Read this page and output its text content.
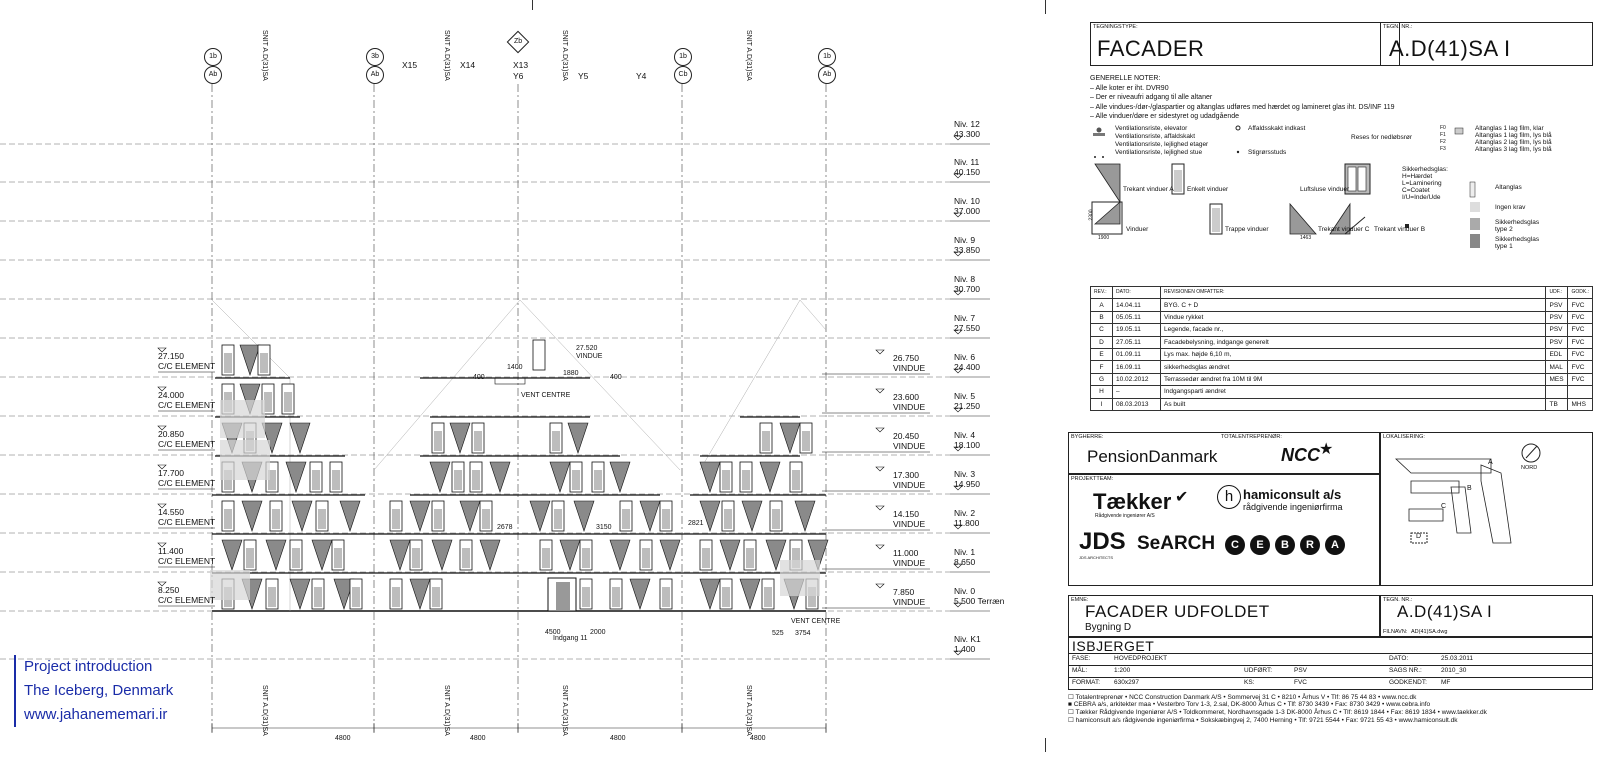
1b
Ab
3b
Ab
Zb
1b
Cb
1b
Ab
X15	X14	X13
Y6	Y5	Y4
SNIT A.D(31)SA	SNIT A.D(31)SA	SNIT A.D(31)SA	SNIT A.D(31)SA
SNIT A.D(31)SA	SNIT A.D(31)SA	SNIT A.D(31)SA	SNIT A.D(31)SA
Niv. 12
43.300
Niv. 11
40.150
Niv. 10
37.000
Niv. 9
33.850
Niv. 8
30.700
Niv. 7
27.550
Niv. 6
24.400
Niv. 5
21.250
Niv. 4
18.100
Niv. 3
14.950
Niv. 2
11.800
Niv. 1
8.650
Niv. 0
5.500 Terræn
Niv. K1
1.400
27.150
C/C ELEMENT
24.000
C/C ELEMENT
20.850
C/C ELEMENT
17.700
C/C ELEMENT
14.550
C/C ELEMENT
11.400
C/C ELEMENT
8.250
C/C ELEMENT
26.750
VINDUE
23.600
VINDUE
20.450
VINDUE
17.300
VINDUE
14.150
VINDUE
11.000
VINDUE
7.850
VINDUE
4800	4800	4800	4800
2678	3150
2821
4500	2000	525 3754
1400
1880
400	400
Indgang 11
VENT CENTRE
VENT CENTRE
27.520
VINDUE
TEGNINGSTYPE:
FACADER
TEGN. NR.:
A.D(41)SA I
GENERELLE NOTER:
– Alle koter er iht. DVR90
– Der er niveaufri adgang til alle altaner
– Alle vindues-/dør-/glaspartier og altanglas udføres med hærdet og lamineret glas iht. DS/INF 119
– Alle vinduer/døre er sidestyret og udadgående
Ventilationsriste, elevator
Ventilationsriste, affaldskakt
Ventilationsriste, lejlighed etager
Ventilationsriste, lejlighed stue
Affaldsskakt indkast
Stigrørsstuds
Reses for nedløbsrør
F0
F1
F2
F3
Altanglas 1 lag film, klar
Altanglas 1 lag film, lys blå
Altanglas 2 lag film, lys blå
Altanglas 3 lag film, lys blå
Trekant vinduer A Enkelt vinduer	Luftsluse vinduer
Vinduer	Trappe vinduer	Trekant vinduer C Trekant vinduer B
Sikkerhedsglas:
H=Hærdet
L=Laminering
C=Coatet
I/U=Inde/Ude
Altanglas
Ingen krav
Sikkerhedsglas type 2
Sikkerhedsglas type 1
1900	1463
2300
REV.:	DATO:	REVISIONEN OMFATTER:	UDF.:	GODK.:
A	14.04.11	BYG. C + D	PSV	FVC
B	05.05.11	Vindue rykket	PSV	FVC
C	19.05.11	Legende, facade nr.,	PSV	FVC
D	27.05.11	Facadebelysning, indgange generelt	PSV	FVC
E	01.09.11	Lys max. højde 6,10 m,	EDL	FVC
F	16.09.11	sikkerhedsglas ændret	MAL	FVC
G	10.02.2012	Terrassedør ændret fra 10M til 9M	MES	FVC
H	–	Indgangsparti ændret		
I	08.03.2013	As built	TB	MHS
BYGHERRE:	TOTALENTREPRENØR:
PensionDanmark	NCC ★
PROJEKTTEAM:
Tækker ✔
Rådgivende ingeniører A/S
h hamiconsult a/s
rådgivende ingeniørfirma
JDS
JDS ARCHITECTS
SeARCH	C	E	B	R	A
LOKALISERING:
NORD
A
B
C
D
EMNE:
FACADER UDFOLDET
Bygning D
TEGN. NR.:
A.D(41)SA I
FILNAVN: AD(41)SA.dwg
ISBJERGET
FASE:	HOVEDPROJEKT	DATO:	25.03.2011
MÅL:	1:200	UDFØRT:	PSV	SAGS NR.:	2010_30
FORMAT: 630x297	KS:	FVC	GODKENDT: MF
☐ Totalentreprenør • NCC Construction Danmark A/S • Sommervej 31 C • 8210 • Århus V • Tlf: 86 75 44 83 • www.ncc.dk
■ CEBRA a/s, arkitekter maa • Vesterbro Torv 1-3, 2.sal, DK-8000 Århus C • Tlf: 8730 3439 • Fax: 8730 3429 • www.cebra.info
☐ Tækker Rådgivende Ingeniører A/S • Toldkommeret, Nordhavnsgade 1-3 DK-8000 Århus C • Tlf: 8619 1844 • Fax: 8619 1834 • www.taekker.dk
☐ hamiconsult a/s rådgivende ingeniørfirma • Sokskæbingvej 2, 7400 Herning • Tlf: 9721 5544 • Fax: 9721 55 43 • www.hamiconsult.dk
Project introduction
The Iceberg, Denmark
www.jahanememari.ir
